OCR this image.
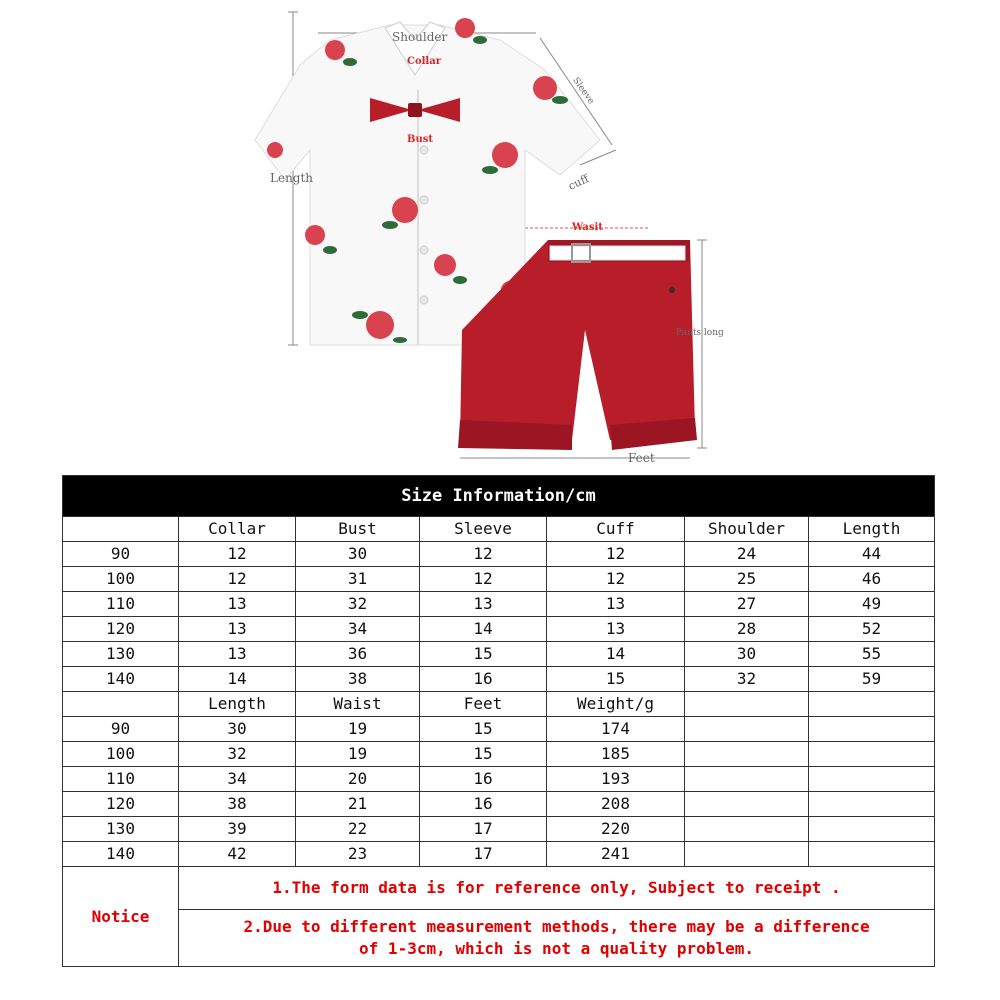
Shoulder
Collar
Sleeve
Bust
Length	cuff
Wasit
Pants long
Feet
Size Information/cm						
	Collar	Bust	Sleeve	Cuff	Shoulder	Length
90	12	30	12	12	24	44
100	12	31	12	12	25	46
110	13	32	13	13	27	49
120	13	34	14	13	28	52
130	13	36	15	14	30	55
140	14	38	16	15	32	59
	Length	Waist	Feet	Weight/g		
90	30	19	15	174		
100	32	19	15	185		
110	34	20	16	193		
120	38	21	16	208		
130	39	22	17	220		
140	42	23	17	241		
Notice	1.The form data is for reference only, Subject to receipt .					

	2.Due to different measurement methods, there may be a difference
of 1-3cm, which is not a quality problem.					
